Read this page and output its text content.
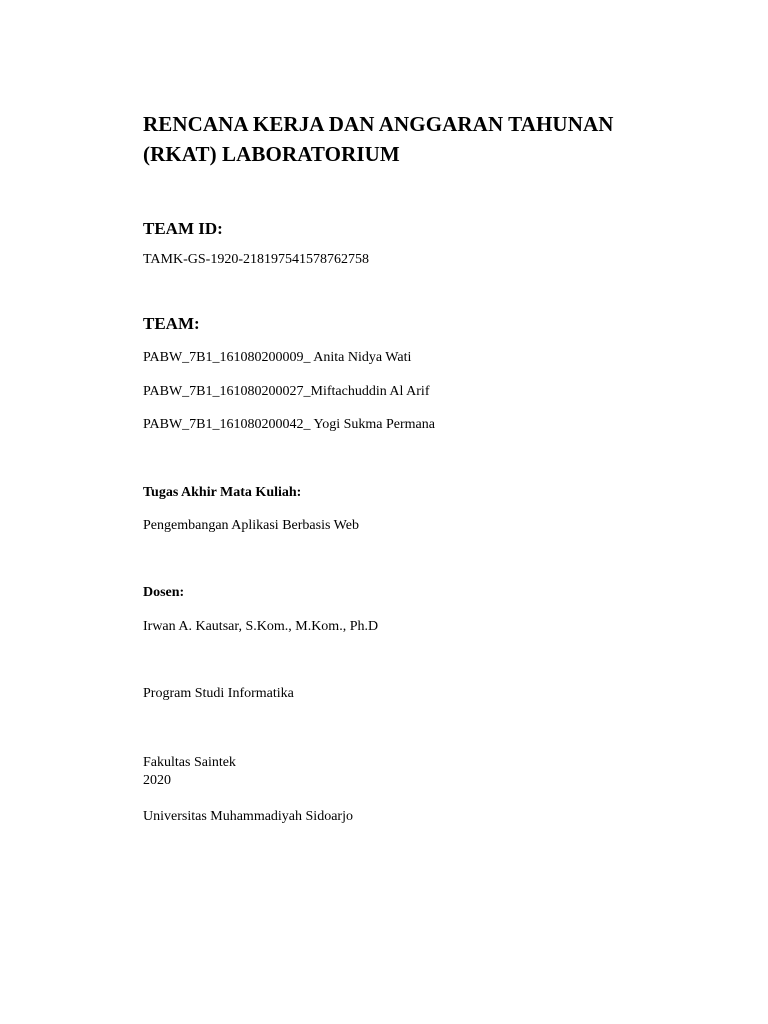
RENCANA KERJA DAN ANGGARAN TAHUNAN
(RKAT) LABORATORIUM
TEAM ID:
TAMK-GS-1920-218197541578762758
TEAM:
PABW_7B1_161080200009_ Anita Nidya Wati
PABW_7B1_161080200027_Miftachuddin Al Arif
PABW_7B1_161080200042_ Yogi Sukma Permana
Tugas Akhir Mata Kuliah:
Pengembangan Aplikasi Berbasis Web
Dosen:
Irwan A. Kautsar, S.Kom., M.Kom., Ph.D
Program Studi Informatika

Fakultas Saintek

Universitas Muhammadiyah Sidoarjo

2020
